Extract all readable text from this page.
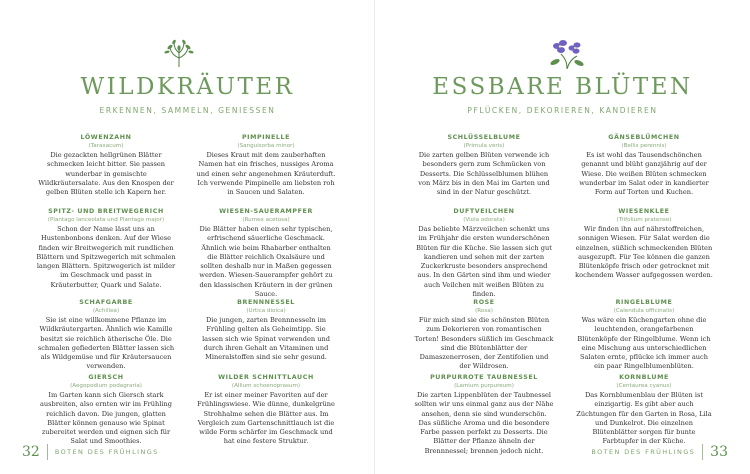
WILDKRÄUTER
ERKENNEN, SAMMELN, GENIESSEN
LÖWENZAHN
(Taraxacum)
Die gezackten hellgrünen Blätter schmecken leicht bitter. Sie passen wunderbar in gemischte Wildkräutersalate. Aus den Knospen der gelben Blüten stelle ich Kapern her.
PIMPINELLE
(Sanguisorba minor)
Dieses Kraut mit dem zauberhaften Namen hat ein frisches, nussiges Aroma und einen sehr angenehmen Kräuterduft. Ich verwende Pimpinelle am liebsten roh in Saucen und Salaten.
SPITZ- UND BREITWEGERICH
(Plantago lanceolata und Plantago major)
Schon der Name lässt uns an Hustenbonbons denken. Auf der Wiese finden wir Breitwegerich mit rundlichen Blättern und Spitzwegerich mit schmalen langen Blättern. Spitzwegerich ist milder im Geschmack und passt in Kräuterbutter, Quark und Salate.
WIESEN-SAUERAMPFER
(Rumex acetosa)
Die Blätter haben einen sehr typischen, erfrischend säuerliche Geschmack. Ähnlich wie beim Rhabarber enthalten die Blätter reichlich Oxalsäure und sollten deshalb nur in Maßen gegessen werden. Wiesen-Sauerampfer gehört zu den klassischen Kräutern in der grünen Sauce.
SCHAFGARBE
(Achillea)
Sie ist eine willkommene Pflanze im Wildkräutergarten. Ähnlich wie Kamille besitzt sie reichlich ätherische Öle. Die schmalen gefiederten Blätter lassen sich als Wildgemüse und für Kräutersaucen verwenden.
BRENNNESSEL
(Urtica dioica)
Die jungen, zarten Brennnesseln im Frühling gelten als Geheimtipp. Sie lassen sich wie Spinat verwenden und durch ihren Gehalt an Vitaminen und Mineralstoffen sind sie sehr gesund.
GIERSCH
(Aegopodium podagraria)
Im Garten kann sich Giersch stark ausbreiten, also ernten wir im Frühling reichlich davon. Die jungen, glatten Blätter können genauso wie Spinat zubereitet werden und eignen sich für Salat und Smoothies.
WILDER SCHNITTLAUCH
(Allium schoenoprasum)
Er ist einer meiner Favoriten auf der Frühlingswiese. Wie dünne, dunkelgrüne Strohhalme sehen die Blätter aus. Im Vergleich zum Gartenschnittlauch ist die wilde Form schärfer im Geschmack und hat eine festere Struktur.
32 BOTEN DES FRÜHLINGS
ESSBARE BLÜTEN
PFLÜCKEN, DEKORIEREN, KANDIEREN
SCHLÜSSELBLUME
(Primula veris)
Die zarten gelben Blüten verwende ich besonders gern zum Schmücken von Desserts. Die Schlüsselblumen blühen von März bis in den Mai im Garten und sind in der Natur geschützt.
GÄNSEBLÜMCHEN
(Bellis perennis)
Es ist wohl das Tausendschönchen genannt und blüht ganzjährig auf der Wiese. Die weißen Blüten schmecken wunderbar im Salat oder in kandierter Form auf Torten und Kuchen.
DUFTVEILCHEN
(Viola odorata)
Das beliebte Märzveilchen schenkt uns im Frühjahr die ersten wunderschönen Blüten für die Küche. Sie lassen sich gut kandieren und sehen mit der zarten Zuckerkruste besonders ansprechend aus. In den Gärten sind ihm und wieder auch Veilchen mit weißen Blüten zu finden.
WIESENKLEE
(Trifolium pratense)
Wir finden ihn auf nährstoffreichen, sonnigen Wiesen. Für Salat werden die einzelnen, süßlich schmeckenden Blüten ausgezupft. Für Tee können die ganzen Blütenköpfe frisch oder getrocknet mit kochendem Wasser aufgegossen werden.
ROSE
(Rosa)
Für mich sind sie die schönsten Blüten zum Dekorieren von romantischen Torten! Besonders süßlich im Geschmack sind die Blütenblätter der Damaszenerrosen, der Zentifolien und der Wildrosen.
RINGELBLUME
(Calendula officinalis)
Was wäre ein Küchengarten ohne die leuchtenden, orangefarbenen Blütenköpfe der Ringelblume. Wenn ich eine Mischung aus unterschiedlichen Salaten ernte, pflücke ich immer auch ein paar Ringelblumenblüten.
PURPURROTE TAUBNESSEL
(Lamium purpureum)
Die zarten Lippenblüten der Taubnessel sollten wir uns einmal ganz aus der Nähe ansehen, denn sie sind wunderschön. Das süßliche Aroma und die besondere Farbe passen perfekt zu Desserts. Die Blätter der Pflanze ähneln der Brennnessel; brennen jedoch nicht.
KORNBLUME
(Centaurea cyanus)
Das Kornblumenblau der Blüten ist einzigartig. Es gibt aber auch Züchtungen für den Garten in Rosa, Lila und Dunkelrot. Die einzelnen Blütenblätter sorgen für bunte Farbtupfer in der Küche.
BOTEN DES FRÜHLINGS 33
